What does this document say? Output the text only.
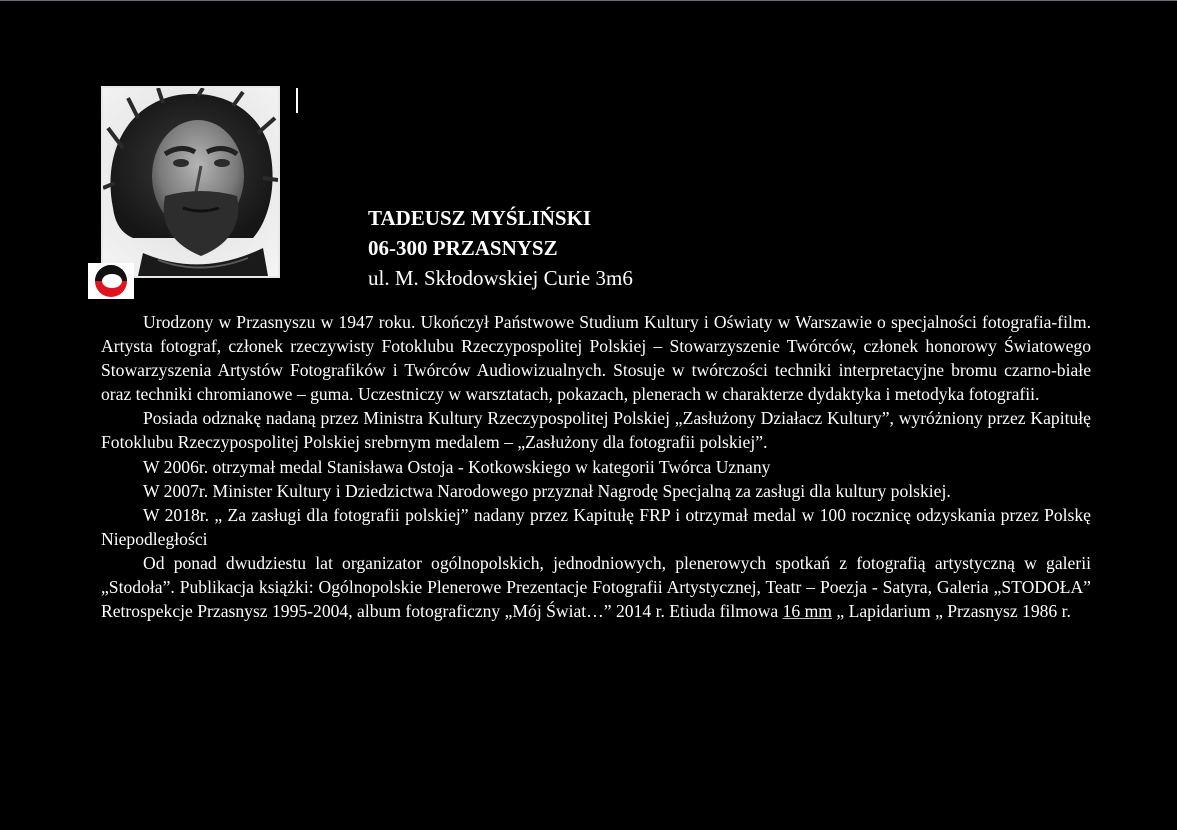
TADEUSZ MYŚLIŃSKI
06-300 PRZASNYSZ
ul. M. Skłodowskiej Curie 3m6

Urodzony w Przasnyszu w 1947 roku. Ukończył Państwowe Studium Kultury i Oświaty w Warszawie o specjalności fotografia-film. Artysta fotograf, członek rzeczywisty Fotoklubu Rzeczypospolitej Polskiej – Stowarzyszenie Twórców, członek honorowy Światowego Stowarzyszenia Artystów Fotografików i Twórców Audiowizualnych. Stosuje w twórczości techniki interpretacyjne bromu czarno-białe oraz techniki chromianowe – guma. Uczestniczy w warsztatach, pokazach, plenerach w charakterze dydaktyka i metodyka fotografii.

Posiada odznakę nadaną przez Ministra Kultury Rzeczypospolitej Polskiej „Zasłużony Działacz Kultury”, wyróżniony przez Kapitułę Fotoklubu Rzeczypospolitej Polskiej srebrnym medalem – „Zasłużony dla fotografii polskiej”.

W 2006r. otrzymał medal Stanisława Ostoja - Kotkowskiego w kategorii Twórca Uznany

W 2007r. Minister Kultury i Dziedzictwa Narodowego przyznał Nagrodę Specjalną za zasługi dla kultury polskiej.

W 2018r. „ Za zasługi dla fotografii polskiej” nadany przez Kapitułę FRP i otrzymał medal w 100 rocznicę odzyskania przez Polskę Niepodległości

Od ponad dwudziestu lat organizator ogólnopolskich, jednodniowych, plenerowych spotkań z fotografią artystyczną w galerii „Stodoła”. Publikacja książki: Ogólnopolskie Plenerowe Prezentacje Fotografii Artystycznej, Teatr – Poezja - Satyra, Galeria „STODOŁA” Retrospekcje Przasnysz 1995-2004, album fotograficzny „Mój Świat…” 2014 r. Etiuda filmowa 16 mm „ Lapidarium „ Przasnysz 1986 r.
